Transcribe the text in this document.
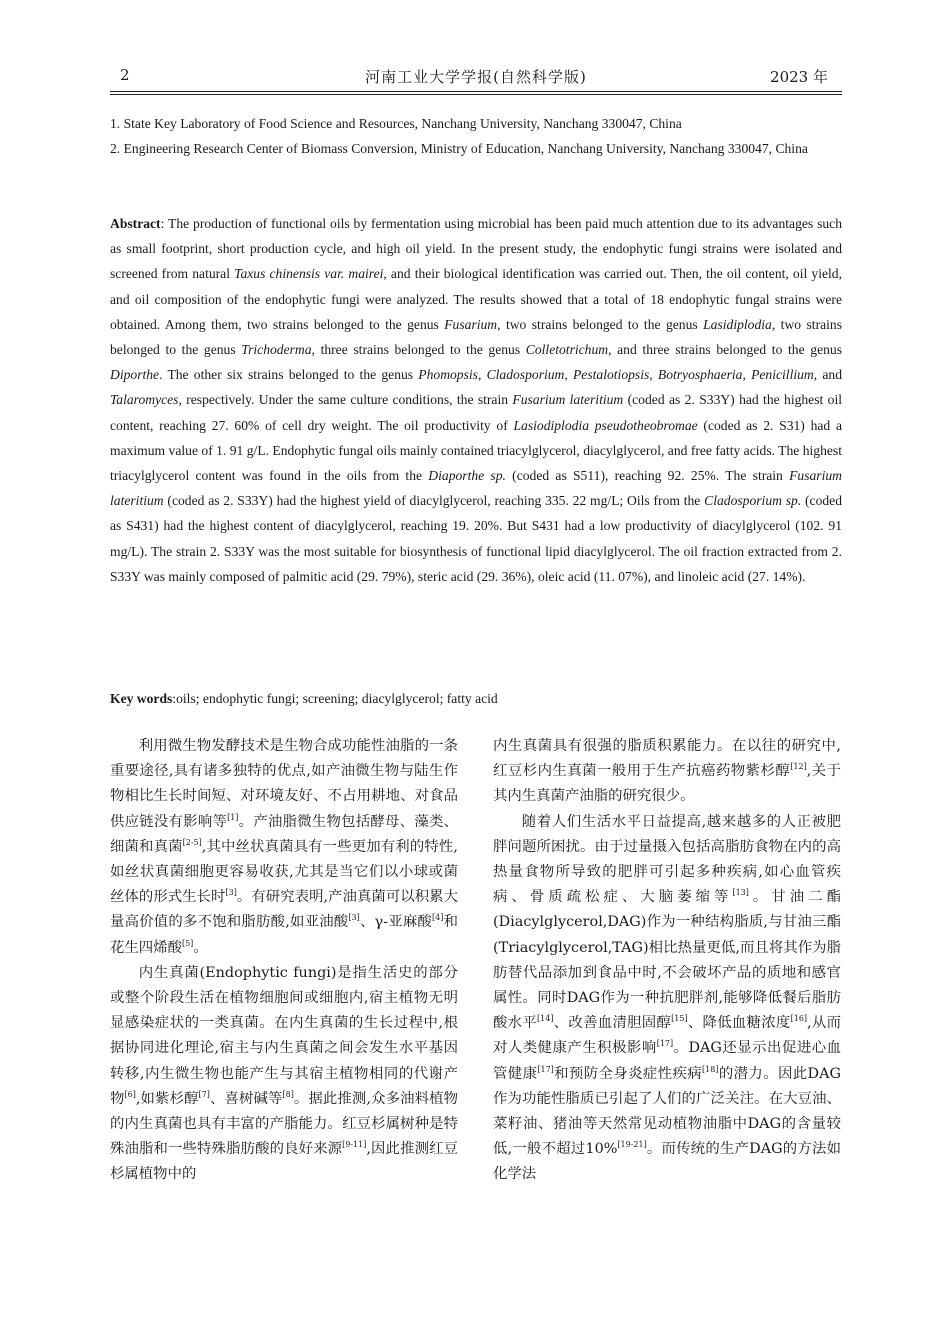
2	河南工业大学学报(自然科学版)	2023 年
1. State Key Laboratory of Food Science and Resources, Nanchang University, Nanchang 330047, China
2. Engineering Research Center of Biomass Conversion, Ministry of Education, Nanchang University, Nanchang 330047, China
Abstract: The production of functional oils by fermentation using microbial has been paid much attention due to its advantages such as small footprint, short production cycle, and high oil yield. In the present study, the endophytic fungi strains were isolated and screened from natural Taxus chinensis var. mairei, and their biological identification was carried out. Then, the oil content, oil yield, and oil composition of the endophytic fungi were analyzed. The results showed that a total of 18 endophytic fungal strains were obtained. Among them, two strains belonged to the genus Fusarium, two strains belonged to the genus Lasidiplodia, two strains belonged to the genus Trichoderma, three strains belonged to the genus Colletotrichum, and three strains belonged to the genus Diporthe. The other six strains belonged to the genus Phomopsis, Cladosporium, Pestalotiopsis, Botryosphaeria, Penicillium, and Talaromyces, respectively. Under the same culture conditions, the strain Fusarium lateritium (coded as 2. S33Y) had the highest oil content, reaching 27. 60% of cell dry weight. The oil productivity of Lasiodiplodia pseudotheobromae (coded as 2. S31) had a maximum value of 1. 91 g/L. Endophytic fungal oils mainly contained triacylglycerol, diacylglycerol, and free fatty acids. The highest triacylglycerol content was found in the oils from the Diaporthe sp. (coded as S511), reaching 92. 25%. The strain Fusarium lateritium (coded as 2. S33Y) had the highest yield of diacylglycerol, reaching 335. 22 mg/L; Oils from the Cladosporium sp. (coded as S431) had the highest content of diacylglycerol, reaching 19. 20%. But S431 had a low productivity of diacylglycerol (102. 91 mg/L). The strain 2. S33Y was the most suitable for biosynthesis of functional lipid diacylglycerol. The oil fraction extracted from 2. S33Y was mainly composed of palmitic acid (29. 79%), steric acid (29. 36%), oleic acid (11. 07%), and linoleic acid (27. 14%).
Key words:oils; endophytic fungi; screening; diacylglycerol; fatty acid

利用微生物发酵技术是生物合成功能性油脂的一条重要途径,具有诸多独特的优点,如产油微生物与陆生作物相比生长时间短、对环境友好、不占用耕地、对食品供应链没有影响等[1]。产油脂微生物包括酵母、藻类、细菌和真菌[2-5],其中丝状真菌具有一些更加有利的特性,如丝状真菌细胞更容易收获,尤其是当它们以小球或菌丝体的形式生长时[3]。有研究表明,产油真菌可以积累大量高价值的多不饱和脂肪酸,如亚油酸[3]、γ-亚麻酸[4]和花生四烯酸[5]。

内生真菌(Endophytic fungi)是指生活史的部分或整个阶段生活在植物细胞间或细胞内,宿主植物无明显感染症状的一类真菌。在内生真菌的生长过程中,根据协同进化理论,宿主与内生真菌之间会发生水平基因转移,内生微生物也能产生与其宿主植物相同的代谢产物[6],如紫杉醇[7]、喜树碱等[8]。据此推测,众多油料植物的内生真菌也具有丰富的产脂能力。红豆杉属树种是特殊油脂和一些特殊脂肪酸的良好来源[9-11],因此推测红豆杉属植物中的

内生真菌具有很强的脂质积累能力。在以往的研究中,红豆杉内生真菌一般用于生产抗癌药物紫杉醇[12],关于其内生真菌产油脂的研究很少。

随着人们生活水平日益提高,越来越多的人正被肥胖问题所困扰。由于过量摄入包括高脂肪食物在内的高热量食物所导致的肥胖可引起多种疾病,如心血管疾病、骨质疏松症、大脑萎缩等[13]。甘油二酯(Diacylglycerol,DAG)作为一种结构脂质,与甘油三酯(Triacylglycerol,TAG)相比热量更低,而且将其作为脂肪替代品添加到食品中时,不会破坏产品的质地和感官属性。同时DAG作为一种抗肥胖剂,能够降低餐后脂肪酸水平[14]、改善血清胆固醇[15]、降低血糖浓度[16],从而对人类健康产生积极影响[17]。DAG还显示出促进心血管健康[17]和预防全身炎症性疾病[18]的潜力。因此DAG作为功能性脂质已引起了人们的广泛关注。在大豆油、菜籽油、猪油等天然常见动植物油脂中DAG的含量较低,一般不超过10%[19-21]。而传统的生产DAG的方法如化学法
